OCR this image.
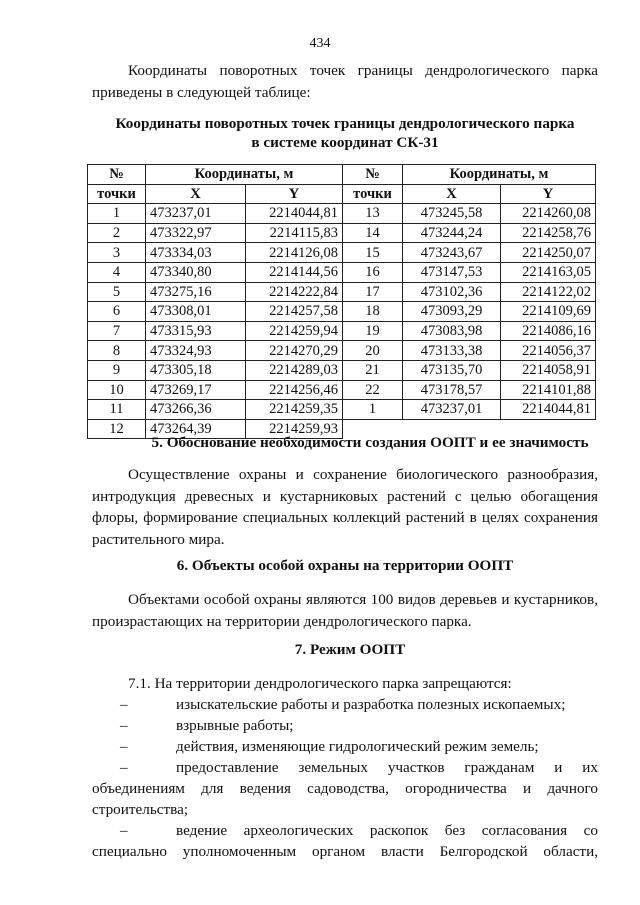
434

Координаты поворотных точек границы дендрологического парка приведены в следующей таблице:

Координаты поворотных точек границы дендрологического парка
в системе координат СК-31
№	Координаты, м		№	Координаты, м	
точки	X	Y	точки	X	Y
1	473237,01	2214044,81	13	473245,58	2214260,08
2	473322,97	2214115,83	14	473244,24	2214258,76
3	473334,03	2214126,08	15	473243,67	2214250,07
4	473340,80	2214144,56	16	473147,53	2214163,05
5	473275,16	2214222,84	17	473102,36	2214122,02
6	473308,01	2214257,58	18	473093,29	2214109,69
7	473315,93	2214259,94	19	473083,98	2214086,16
8	473324,93	2214270,29	20	473133,38	2214056,37
9	473305,18	2214289,03	21	473135,70	2214058,91
10	473269,17	2214256,46	22	473178,57	2214101,88
11	473266,36	2214259,35	1	473237,01	2214044,81
12	473264,39	2214259,93			
5. Обоснование необходимости создания ООПТ и ее значимость

Осуществление охраны и сохранение биологического разнообразия, интродукция древесных и кустарниковых растений с целью обогащения флоры, формирование специальных коллекций растений в целях сохранения растительного мира.

6. Объекты особой охраны на территории ООПТ

Объектами особой охраны являются 100 видов деревьев и кустарников, произрастающих на территории дендрологического парка.

7. Режим ООПТ

7.1. На территории дендрологического парка запрещаются:

–	изыскательские работы и разработка полезных ископаемых;
–	взрывные работы;
–	действия, изменяющие гидрологический режим земель;
–	предоставление земельных участков гражданам и их
объединениям для ведения садоводства, огородничества и дачного
строительства;
–	ведение археологических раскопок без согласования со
специально уполномоченным органом власти Белгородской области,
